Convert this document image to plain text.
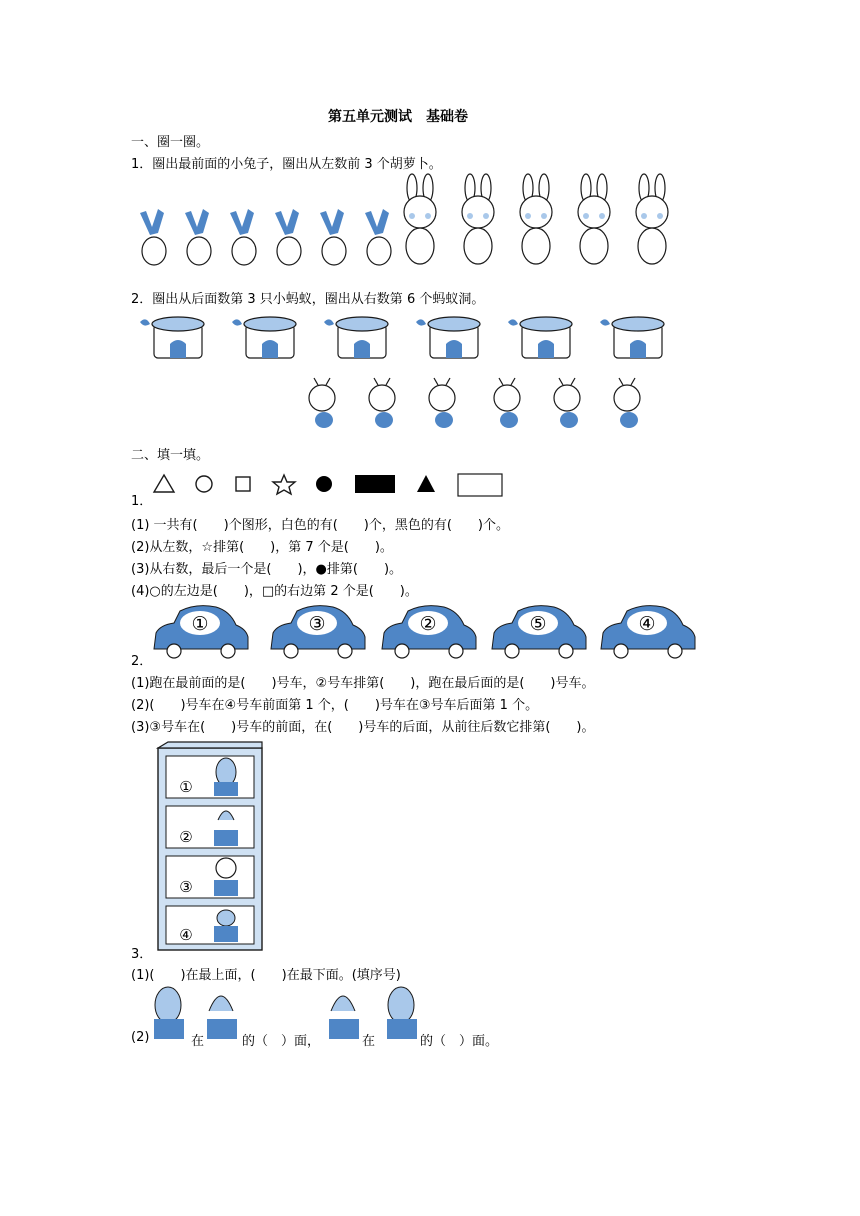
第五单元测试　基础卷
一、圈一圈。
1．圈出最前面的小兔子，圈出从左数前 3 个胡萝卜。
2．圈出从后面数第 3 只小蚂蚁，圈出从右数第 6 个蚂蚁洞。
二、填一填。
1．
(1) 一共有(　　)个图形，白色的有(　　)个，黑色的有(　　)个。
(2)从左数，☆排第(　　)，第 7 个是(　　)。
(3)从右数，最后一个是(　　)，●排第(　　)。
(4)○的左边是(　　)，□的右边第 2 个是(　　)。
①	③	②	⑤	④
2．
(1)跑在最前面的是(　　)号车，②号车排第(　　)，跑在最后面的是(　　)号车。
(2)(　　)号车在④号车前面第 1 个，(　　)号车在③号车后面第 1 个。
(3)③号车在(　　)号车的前面，在(　　)号车的后面，从前往后数它排第(　　)。
①
②
③
④
3．
(1)(　　)在最上面，(　　)在最下面。(填序号)
(2)	在	的（　）面，	在	的（　）面。
